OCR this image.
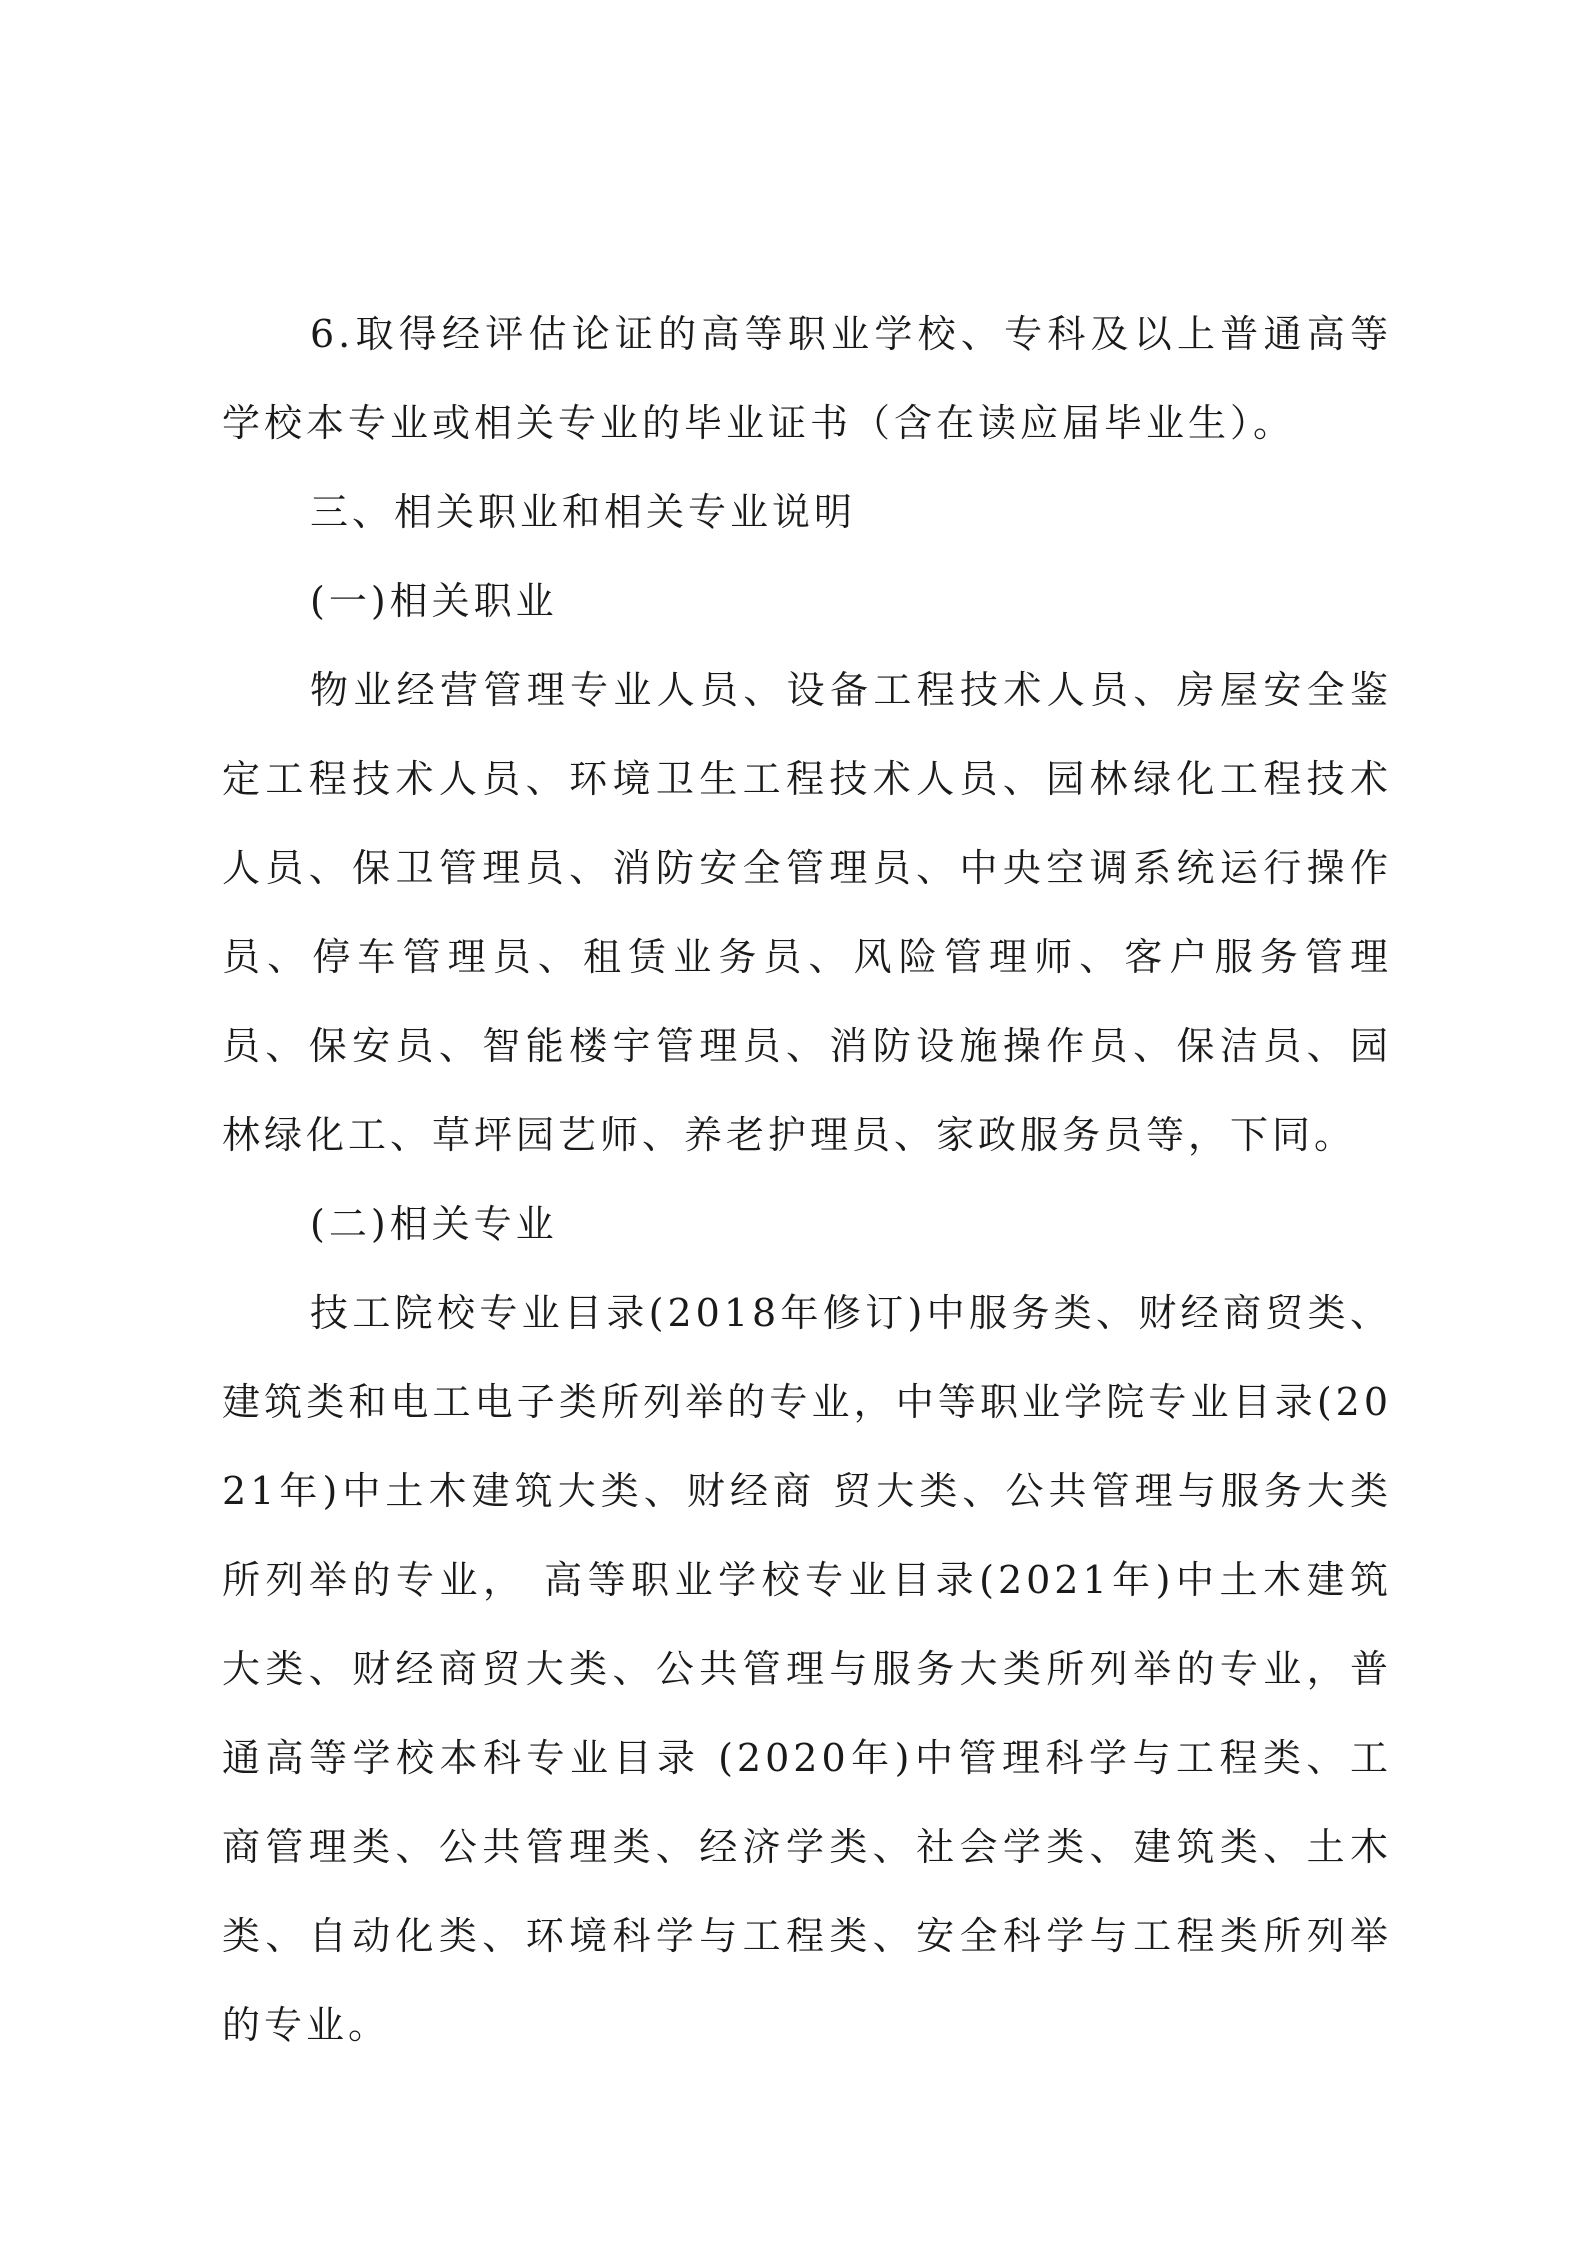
6.取得经评估论证的高等职业学校、专科及以上普通高等学校本专业或相关专业的毕业证书（含在读应届毕业生）。

三、相关职业和相关专业说明

(一)相关职业

物业经营管理专业人员、设备工程技术人员、房屋安全鉴定工程技术人员、环境卫生工程技术人员、园林绿化工程技术人员、保卫管理员、消防安全管理员、中央空调系统运行操作员、停车管理员、租赁业务员、风险管理师、客户服务管理员、保安员、智能楼宇管理员、消防设施操作员、保洁员、园林绿化工、草坪园艺师、养老护理员、家政服务员等，下同。

(二)相关专业

技工院校专业目录(2018年修订)中服务类、财经商贸类、建筑类和电工电子类所列举的专业，中等职业学院专业目录(2021年)中土木建筑大类、财经商 贸大类、公共管理与服务大类所列举的专业， 高等职业学校专业目录(2021年)中土木建筑大类、财经商贸大类、公共管理与服务大类所列举的专业，普通高等学校本科专业目录 (2020年)中管理科学与工程类、工商管理类、公共管理类、经济学类、社会学类、建筑类、土木类、自动化类、环境科学与工程类、安全科学与工程类所列举的专业。
